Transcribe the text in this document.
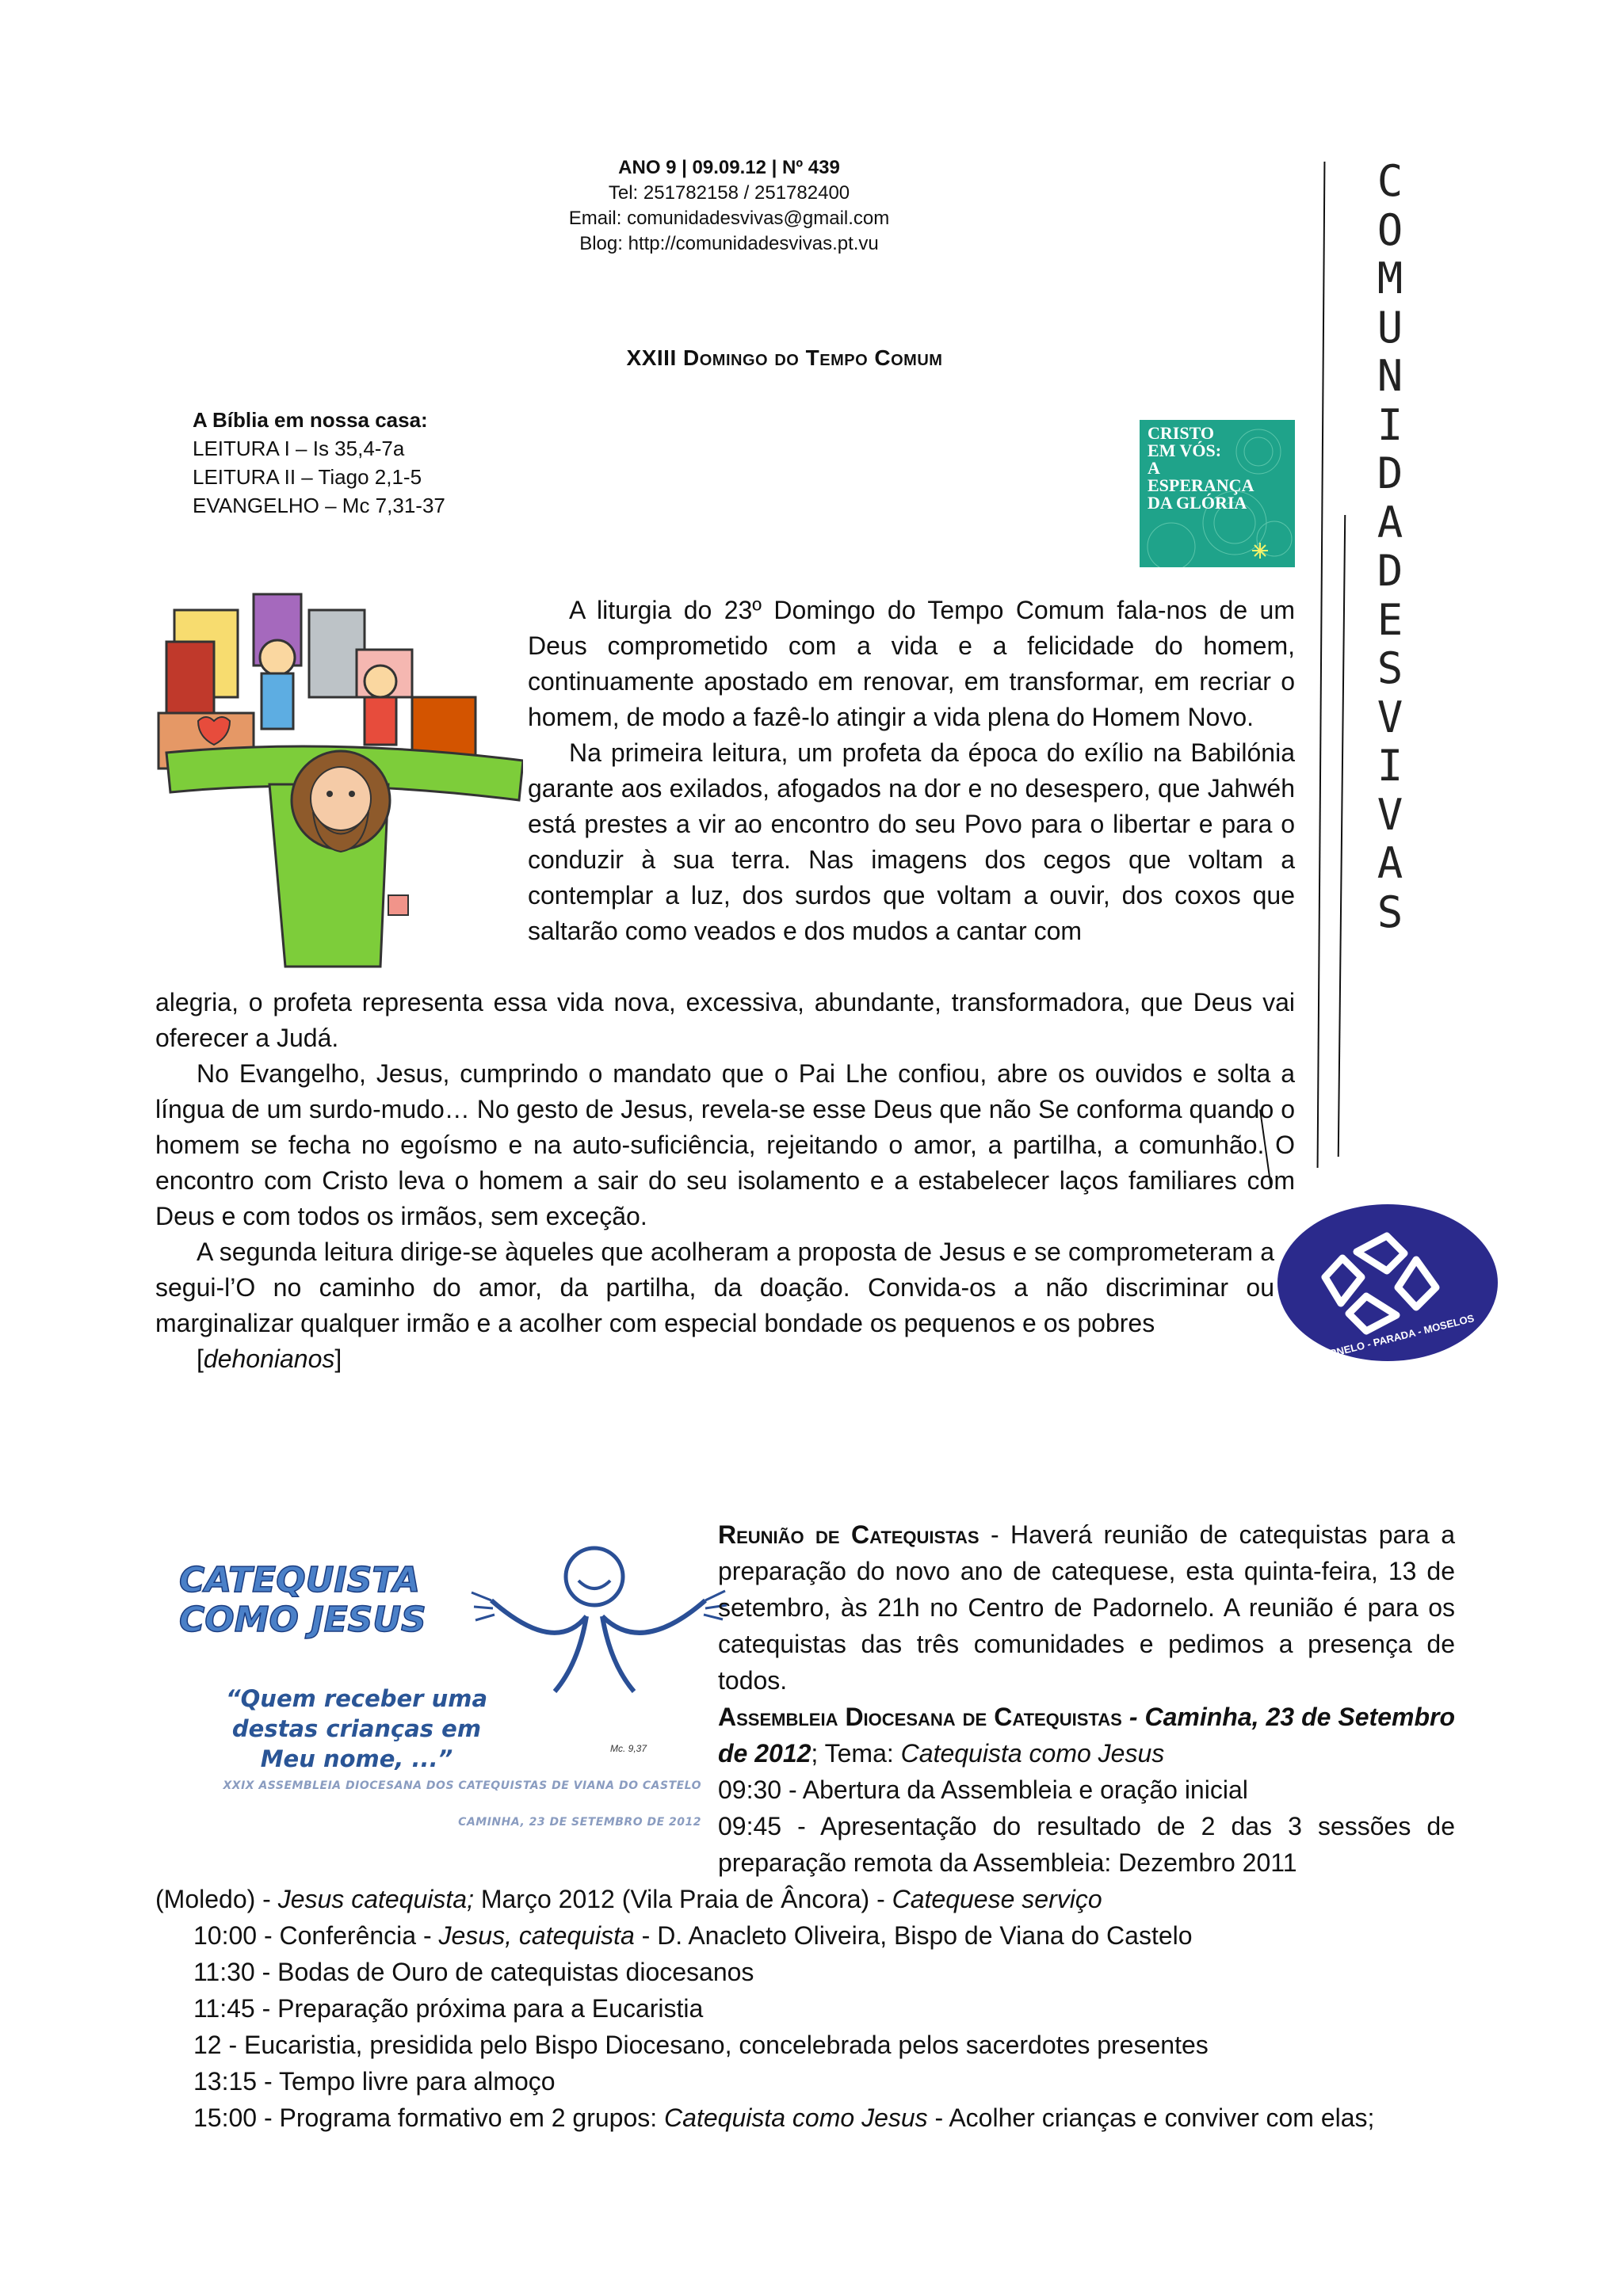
ANO 9 | 09.09.12 | Nº 439
Tel: 251782158 / 251782400
Email: comunidadesvivas@gmail.com
Blog: http://comunidadesvivas.pt.vu
XXIII Domingo do Tempo Comum
A Bíblia em nossa casa:
LEITURA I – Is 35,4-7a
LEITURA II – Tiago 2,1-5
EVANGELHO – Mc 7,31-37
CRISTO
EM VÓS:
A
ESPERANÇA
DA GLÓRIA
C
O
M
U
N
I
D
A
D
E
S
V
I
V
A
S

A liturgia do 23º Domingo do Tempo Comum fala-nos de um Deus comprometido com a vida e a felicidade do homem, continuamente apostado em renovar, em transformar, em recriar o homem, de modo a fazê-lo atingir a vida plena do Homem Novo.

Na primeira leitura, um profeta da época do exílio na Babilónia garante aos exilados, afogados na dor e no desespero, que Jahwéh está prestes a vir ao encontro do seu Povo para o libertar e para o conduzir à sua terra. Nas imagens dos cegos que voltam a contemplar a luz, dos surdos que voltam a ouvir, dos coxos que saltarão como veados e dos mudos a cantar com

alegria, o profeta representa essa vida nova, excessiva, abundante, transformadora, que Deus vai oferecer a Judá.

No Evangelho, Jesus, cumprindo o mandato que o Pai Lhe confiou, abre os ouvidos e solta a língua de um surdo-mudo… No gesto de Jesus, revela-se esse Deus que não Se conforma quando o homem se fecha no egoísmo e na auto-suficiência, rejeitando o amor, a partilha, a comunhão. O encontro com Cristo leva o homem a sair do seu isolamento e a estabelecer laços familiares com Deus e com todos os irmãos, sem exceção.

A segunda leitura dirige-se àqueles que acolheram a proposta de Jesus e se comprometeram a segui-l’O no caminho do amor, da partilha, da doação. Convida-os a não discriminar ou marginalizar qualquer irmão e a acolher com especial bondade os pequenos e os pobres

[dehonianos]	PADORNELO - PARADA - MOSELOS
CATEQUISTA
COMO JESUS
“Quem receber uma destas crianças em Meu nome, ...”	Mc. 9,37
XXIX ASSEMBLEIA DIOCESANA DOS CATEQUISTAS DE VIANA DO CASTELO
CAMINHA, 23 DE SETEMBRO DE 2012

Reunião de Catequistas - Haverá reunião de catequistas para a preparação do novo ano de catequese, esta quinta-feira, 13 de setembro, às 21h no Centro de Padornelo. A reunião é para os catequistas das três comunidades e pedimos a presença de todos.

Assembleia Diocesana de Catequistas - Caminha, 23 de Setembro de 2012; Tema: Catequista como Jesus

09:30 - Abertura da Assembleia e oração inicial

09:45 - Apresentação do resultado de 2 das 3 sessões de preparação remota da Assembleia: Dezembro 2011

(Moledo) - Jesus catequista; Março 2012 (Vila Praia de Âncora) - Catequese serviço

10:00 - Conferência - Jesus, catequista - D. Anacleto Oliveira, Bispo de Viana do Castelo

11:30 - Bodas de Ouro de catequistas diocesanos

11:45 - Preparação próxima para a Eucaristia

12 - Eucaristia, presidida pelo Bispo Diocesano, concelebrada pelos sacerdotes presentes

13:15 - Tempo livre para almoço

15:00 - Programa formativo em 2 grupos: Catequista como Jesus - Acolher crianças e conviver com elas;
